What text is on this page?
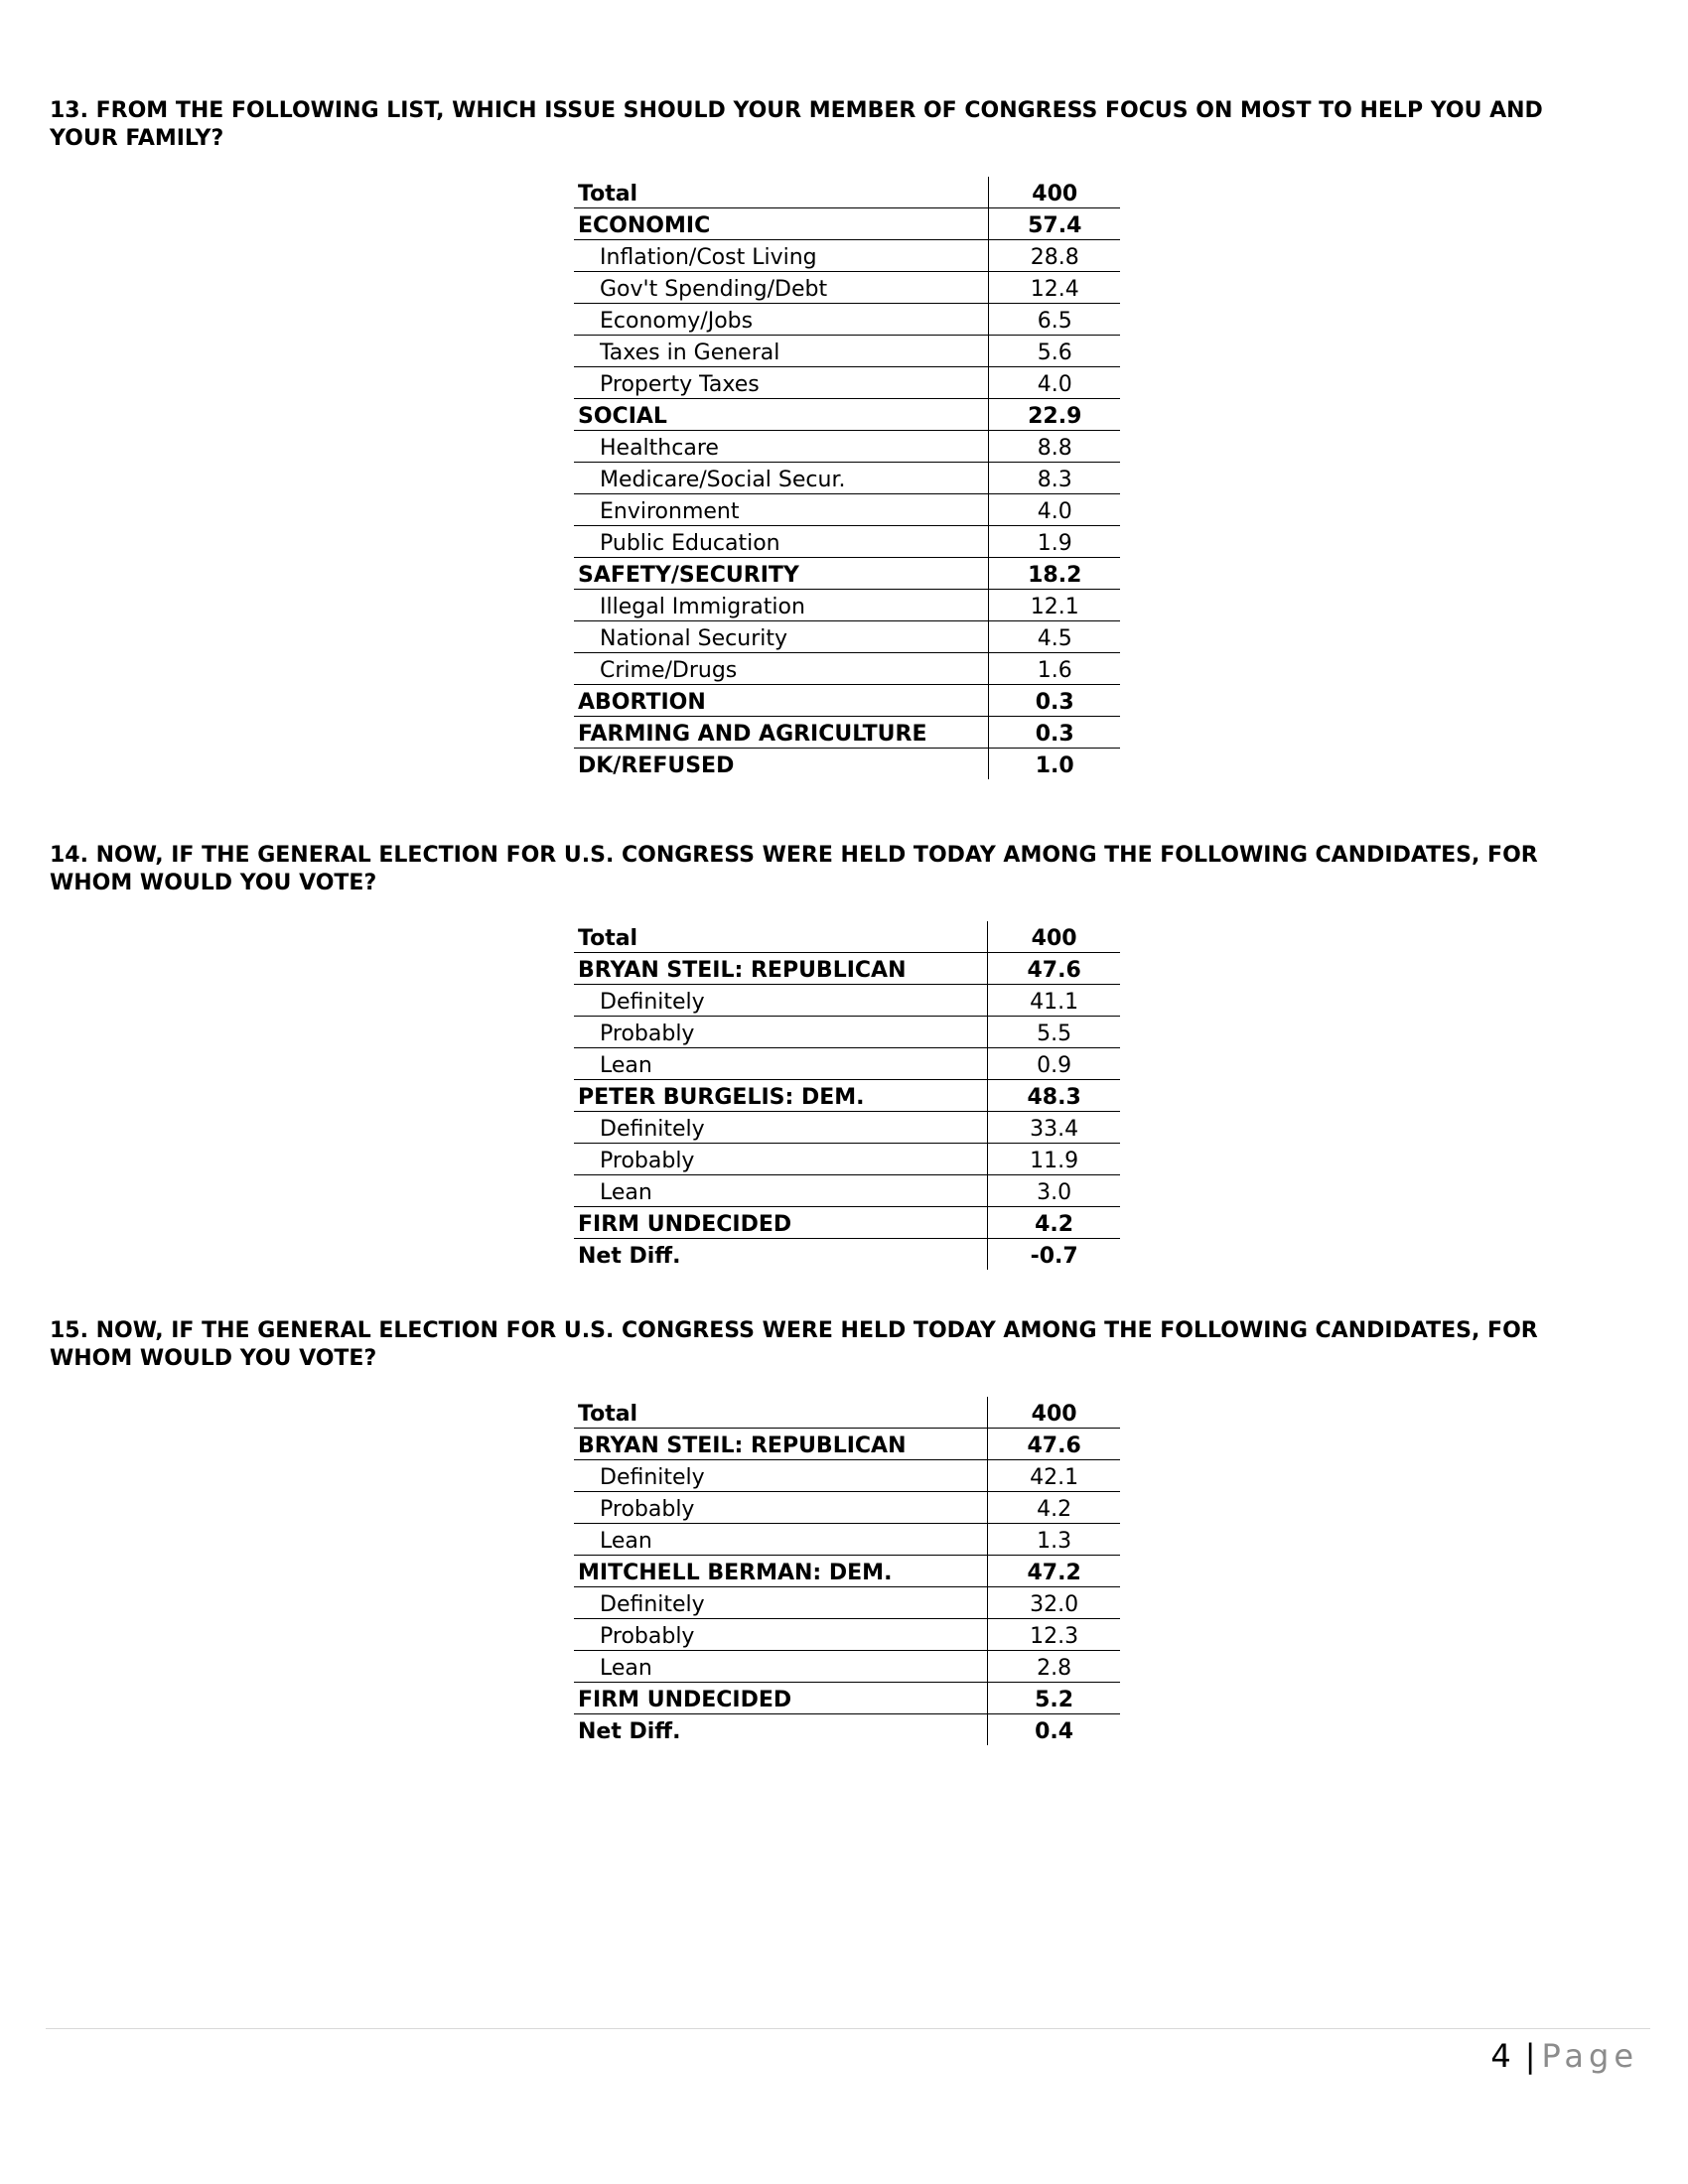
13. FROM THE FOLLOWING LIST, WHICH ISSUE SHOULD YOUR MEMBER OF CONGRESS FOCUS ON MOST TO HELP YOU AND YOUR FAMILY?

Total	400
ECONOMIC	57.4
Inflation/Cost Living	28.8
Gov't Spending/Debt	12.4
Economy/Jobs	6.5
Taxes in General	5.6
Property Taxes	4.0
SOCIAL	22.9
Healthcare	8.8
Medicare/Social Secur.	8.3
Environment	4.0
Public Education	1.9
SAFETY/SECURITY	18.2
Illegal Immigration	12.1
National Security	4.5
Crime/Drugs	1.6
ABORTION	0.3
FARMING AND AGRICULTURE	0.3
DK/REFUSED	1.0

14. NOW, IF THE GENERAL ELECTION FOR U.S. CONGRESS WERE HELD TODAY AMONG THE FOLLOWING CANDIDATES, FOR WHOM WOULD YOU VOTE?

Total	400
BRYAN STEIL: REPUBLICAN	47.6
Definitely	41.1
Probably	5.5
Lean	0.9
PETER BURGELIS: DEM.	48.3
Definitely	33.4
Probably	11.9
Lean	3.0
FIRM UNDECIDED	4.2
Net Diff.	-0.7

15. NOW, IF THE GENERAL ELECTION FOR U.S. CONGRESS WERE HELD TODAY AMONG THE FOLLOWING CANDIDATES, FOR WHOM WOULD YOU VOTE?

Total	400
BRYAN STEIL: REPUBLICAN	47.6
Definitely	42.1
Probably	4.2
Lean	1.3
MITCHELL BERMAN: DEM.	47.2
Definitely	32.0
Probably	12.3
Lean	2.8
FIRM UNDECIDED	5.2
Net Diff.	0.4
4 | Page
